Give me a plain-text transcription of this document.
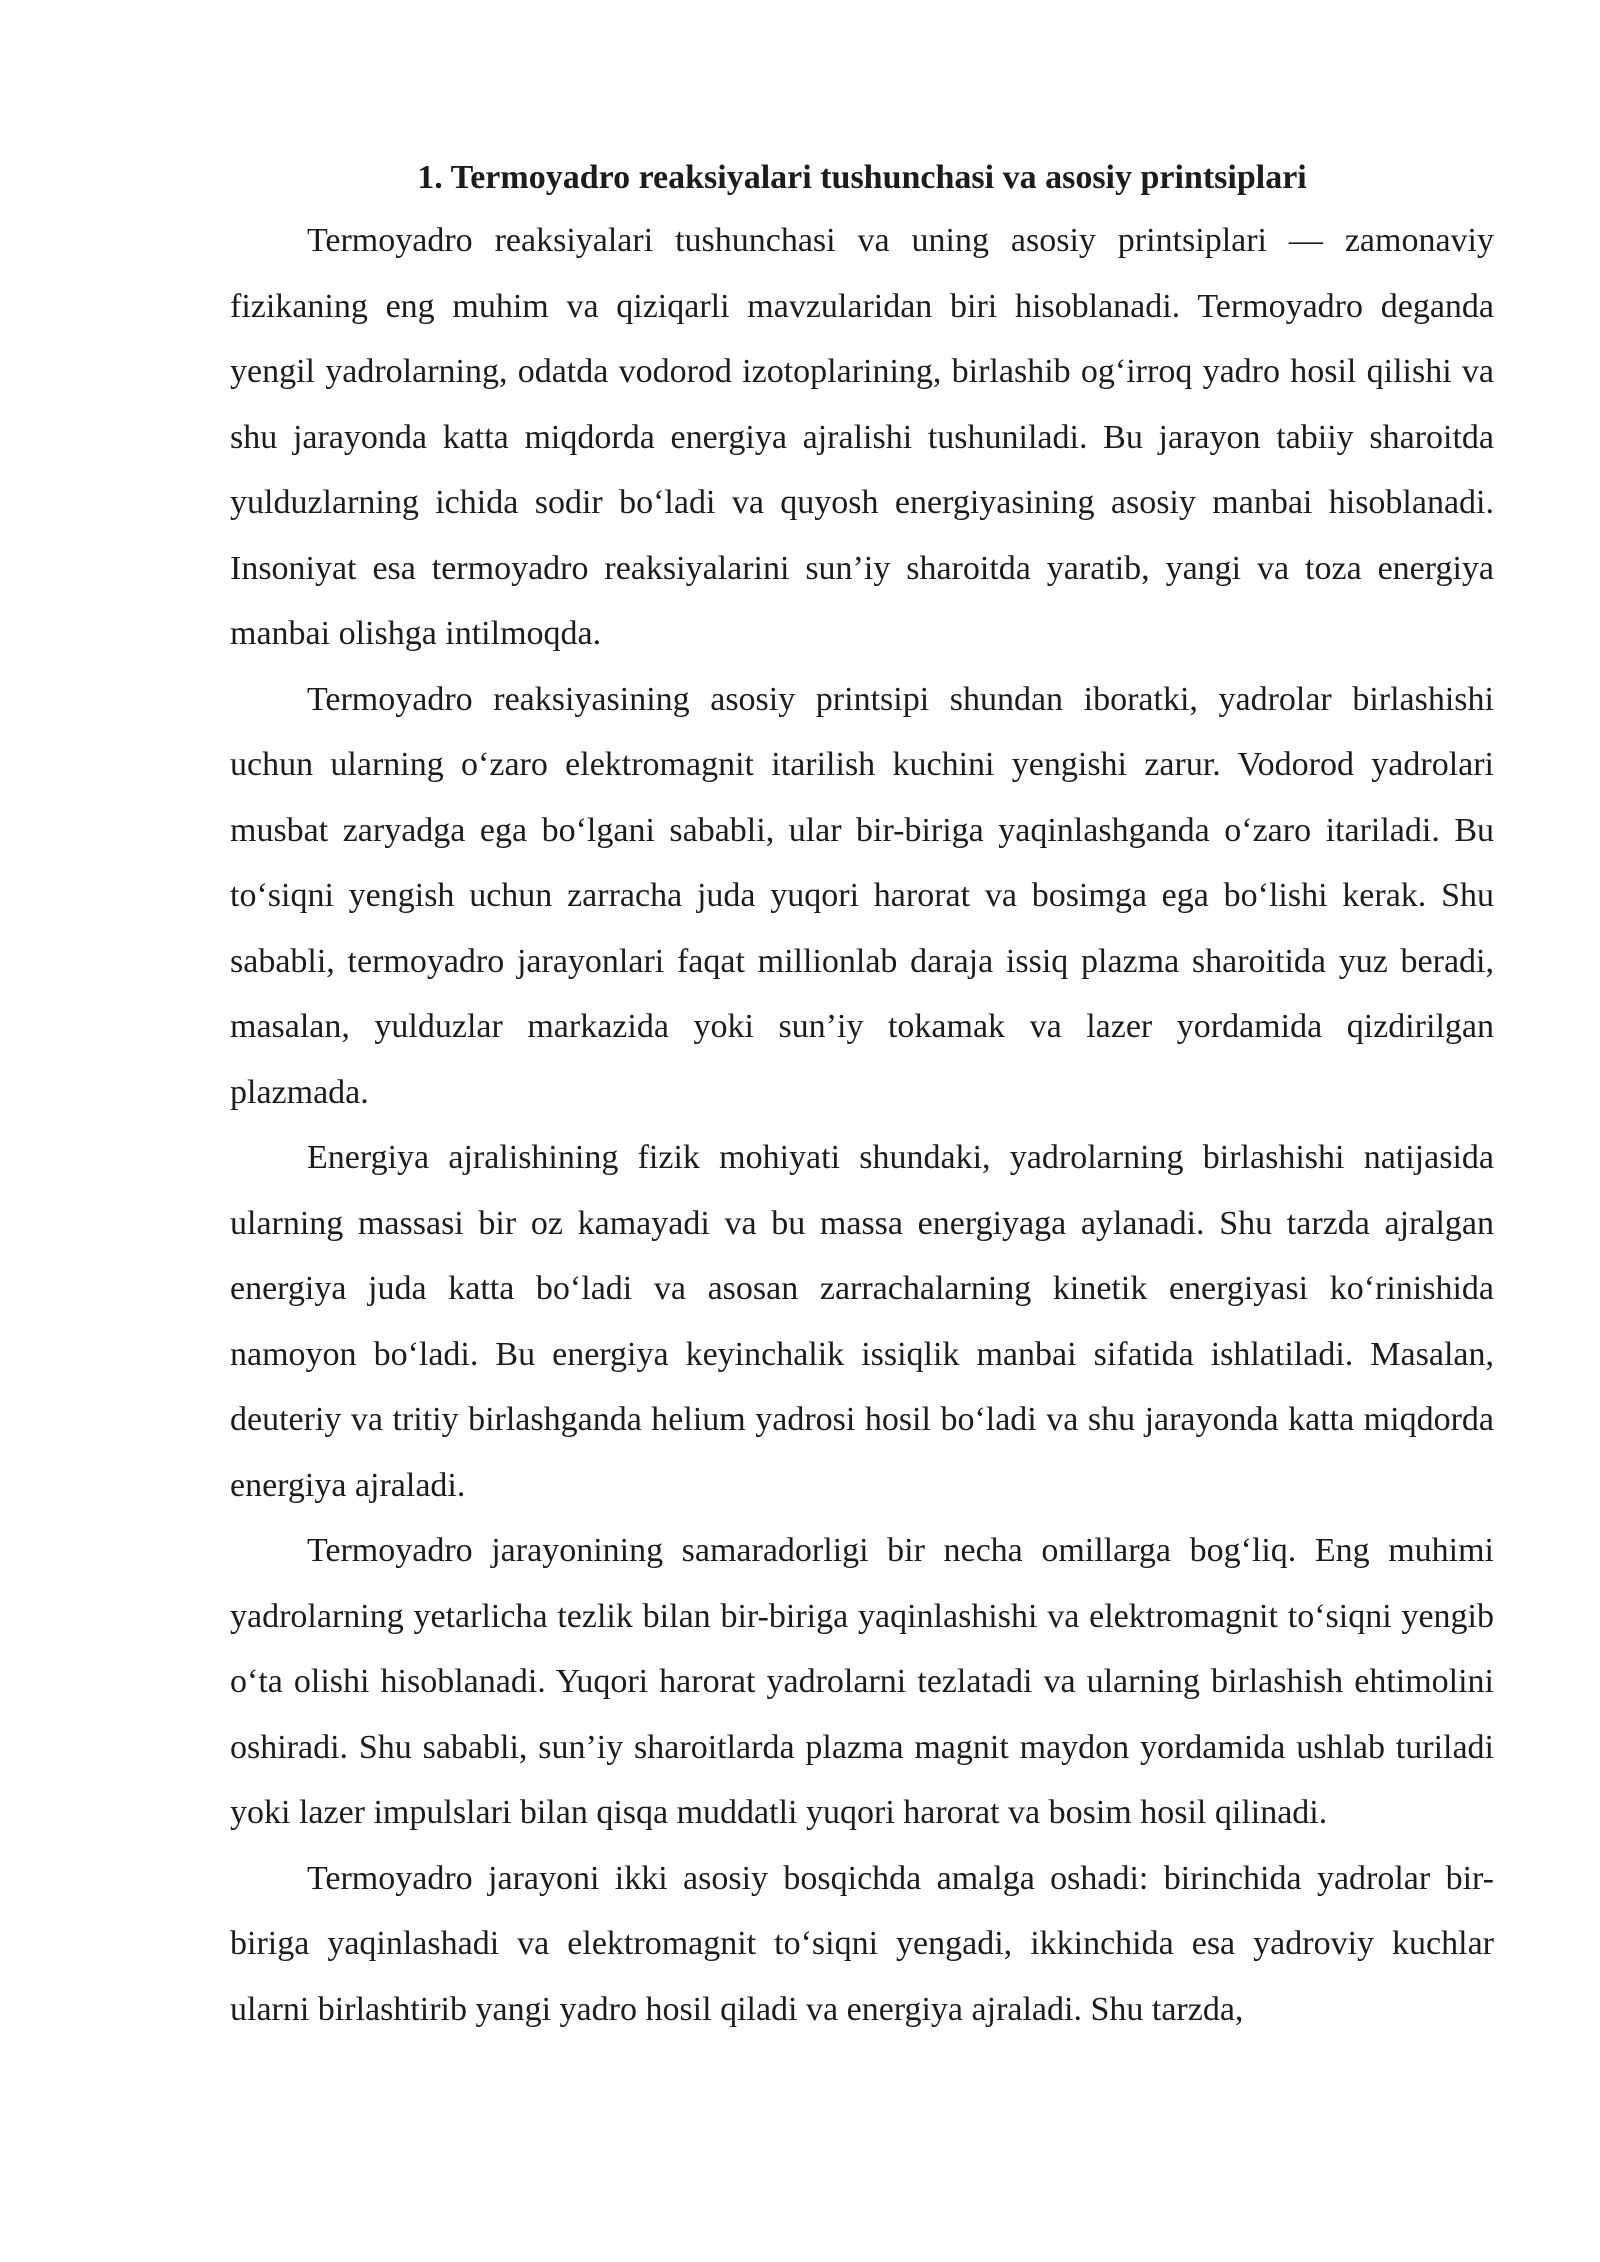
1. Termoyadro reaksiyalari tushunchasi va asosiy printsiplari

Termoyadro reaksiyalari tushunchasi va uning asosiy printsiplari — zamonaviy fizikaning eng muhim va qiziqarli mavzularidan biri hisoblanadi. Termoyadro deganda yengil yadrolarning, odatda vodorod izotoplarining, birlashib og‘irroq yadro hosil qilishi va shu jarayonda katta miqdorda energiya ajralishi tushuniladi. Bu jarayon tabiiy sharoitda yulduzlarning ichida sodir bo‘ladi va quyosh energiyasining asosiy manbai hisoblanadi. Insoniyat esa termoyadro reaksiyalarini sun’iy sharoitda yaratib, yangi va toza energiya manbai olishga intilmoqda.

Termoyadro reaksiyasining asosiy printsipi shundan iboratki, yadrolar birlashishi uchun ularning o‘zaro elektromagnit itarilish kuchini yengishi zarur. Vodorod yadrolari musbat zaryadga ega bo‘lgani sababli, ular bir-biriga yaqinlashganda o‘zaro itariladi. Bu to‘siqni yengish uchun zarracha juda yuqori harorat va bosimga ega bo‘lishi kerak. Shu sababli, termoyadro jarayonlari faqat millionlab daraja issiq plazma sharoitida yuz beradi, masalan, yulduzlar markazida yoki sun’iy tokamak va lazer yordamida qizdirilgan plazmada.

Energiya ajralishining fizik mohiyati shundaki, yadrolarning birlashishi natijasida ularning massasi bir oz kamayadi va bu massa energiyaga aylanadi. Shu tarzda ajralgan energiya juda katta bo‘ladi va asosan zarrachalarning kinetik energiyasi ko‘rinishida namoyon bo‘ladi. Bu energiya keyinchalik issiqlik manbai sifatida ishlatiladi. Masalan, deuteriy va tritiy birlashganda helium yadrosi hosil bo‘ladi va shu jarayonda katta miqdorda energiya ajraladi.

Termoyadro jarayonining samaradorligi bir necha omillarga bog‘liq. Eng muhimi yadrolarning yetarlicha tezlik bilan bir-biriga yaqinlashishi va elektromagnit to‘siqni yengib o‘ta olishi hisoblanadi. Yuqori harorat yadrolarni tezlatadi va ularning birlashish ehtimolini oshiradi. Shu sababli, sun’iy sharoitlarda plazma magnit maydon yordamida ushlab turiladi yoki lazer impulslari bilan qisqa muddatli yuqori harorat va bosim hosil qilinadi.

Termoyadro jarayoni ikki asosiy bosqichda amalga oshadi: birinchida yadrolar bir-biriga yaqinlashadi va elektromagnit to‘siqni yengadi, ikkinchida esa yadroviy kuchlar ularni birlashtirib yangi yadro hosil qiladi va energiya ajraladi. Shu tarzda,
